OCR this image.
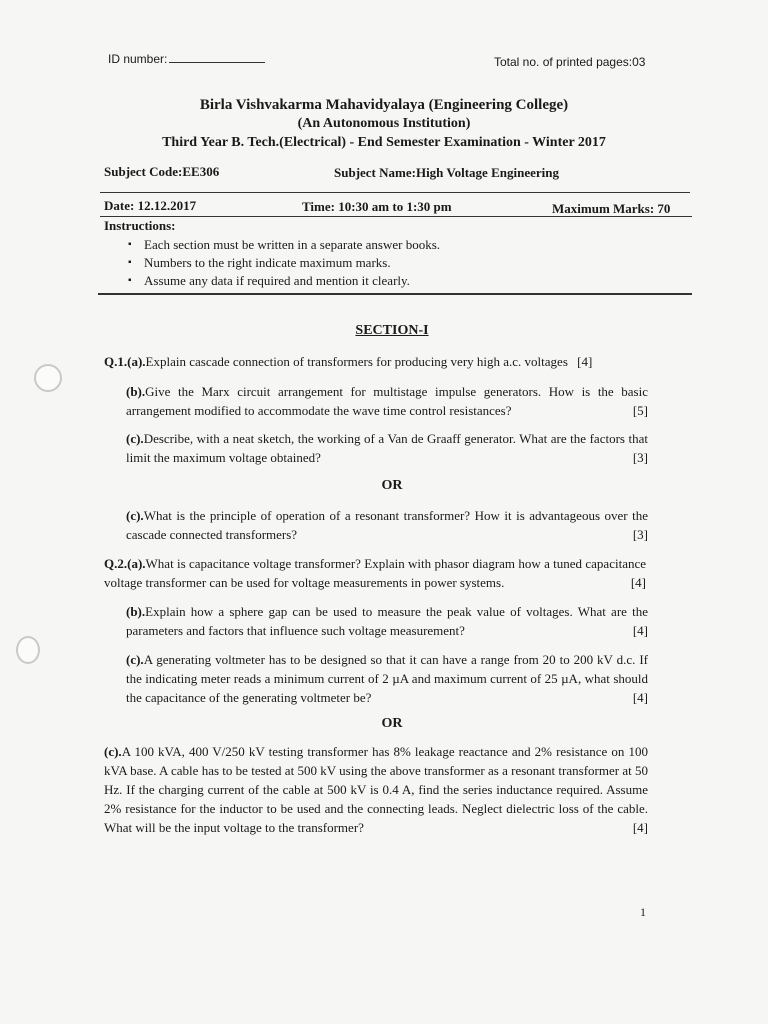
ID number:	Total no. of printed pages:03
Birla Vishvakarma Mahavidyalaya (Engineering College)
(An Autonomous Institution)
Third Year B. Tech.(Electrical) - End Semester Examination - Winter 2017
Subject Code:EE306	Subject Name:High Voltage Engineering
Date: 12.12.2017	Time: 10:30 am to 1:30 pm	Maximum Marks: 70
Instructions:
▪ Each section must be written in a separate answer books.
▪ Numbers to the right indicate maximum marks.
▪ Assume any data if required and mention it clearly.
SECTION-I
Q.1.(a).Explain cascade connection of transformers for producing very high a.c. voltages [4]
(b).Give the Marx circuit arrangement for multistage impulse generators. How is the basic arrangement modified to accommodate the wave time control resistances?	[5]
(c).Describe, with a neat sketch, the working of a Van de Graaff generator. What are the factors that limit the maximum voltage obtained?	[3]
OR
(c).What is the principle of operation of a resonant transformer? How it is advantageous over the cascade connected transformers?	[3]
Q.2.(a).What is capacitance voltage transformer? Explain with phasor diagram how a tuned capacitance voltage transformer can be used for voltage measurements in power systems.	[4]
(b).Explain how a sphere gap can be used to measure the peak value of voltages. What are the parameters and factors that influence such voltage measurement?	[4]
(c).A generating voltmeter has to be designed so that it can have a range from 20 to 200 kV d.c. If the indicating meter reads a minimum current of 2 µA and maximum current of 25 µA, what should the capacitance of the generating voltmeter be?	[4]
OR
(c).A 100 kVA, 400 V/250 kV testing transformer has 8% leakage reactance and 2% resistance on 100 kVA base. A cable has to be tested at 500 kV using the above transformer as a resonant transformer at 50 Hz. If the charging current of the cable at 500 kV is 0.4 A, find the series inductance required. Assume 2% resistance for the inductor to be used and the connecting leads. Neglect dielectric loss of the cable. What will be the input voltage to the transformer?	[4]
1
